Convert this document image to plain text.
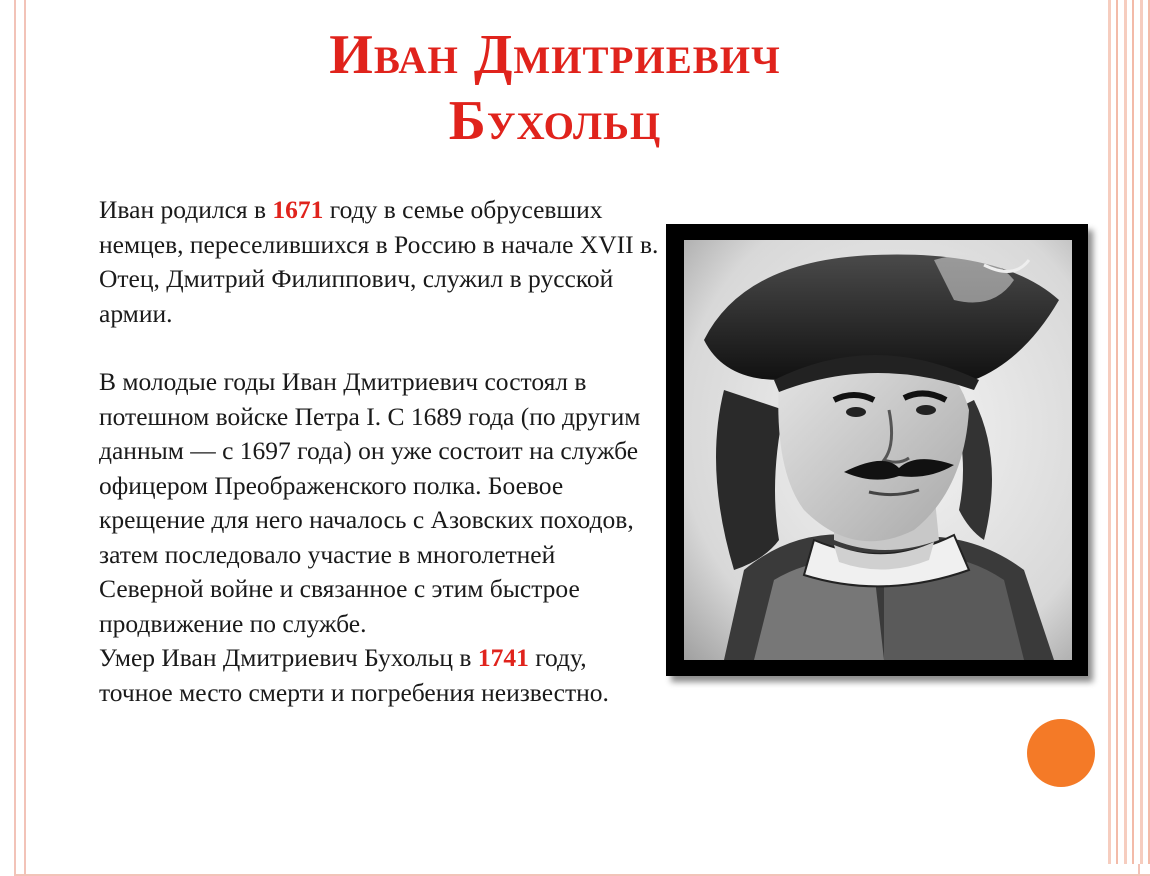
Иван Дмитриевич
Бухольц

Иван родился в 1671 году в семье обрусевших немцев, переселившихся в Россию в начале XVII в. Отец, Дмитрий Филиппович, служил в русской армии.

В молодые годы Иван Дмитриевич состоял в потешном войске Петра I. С 1689 года (по другим данным — с 1697 года) он уже состоит на службе офицером Преображенского полка. Боевое крещение для него началось с Азовских походов, затем последовало участие в многолетней Северной войне и связанное с этим быстрое продвижение по службе.

Умер Иван Дмитриевич Бухольц в 1741 году, точное место смерти и погребения неизвестно.
